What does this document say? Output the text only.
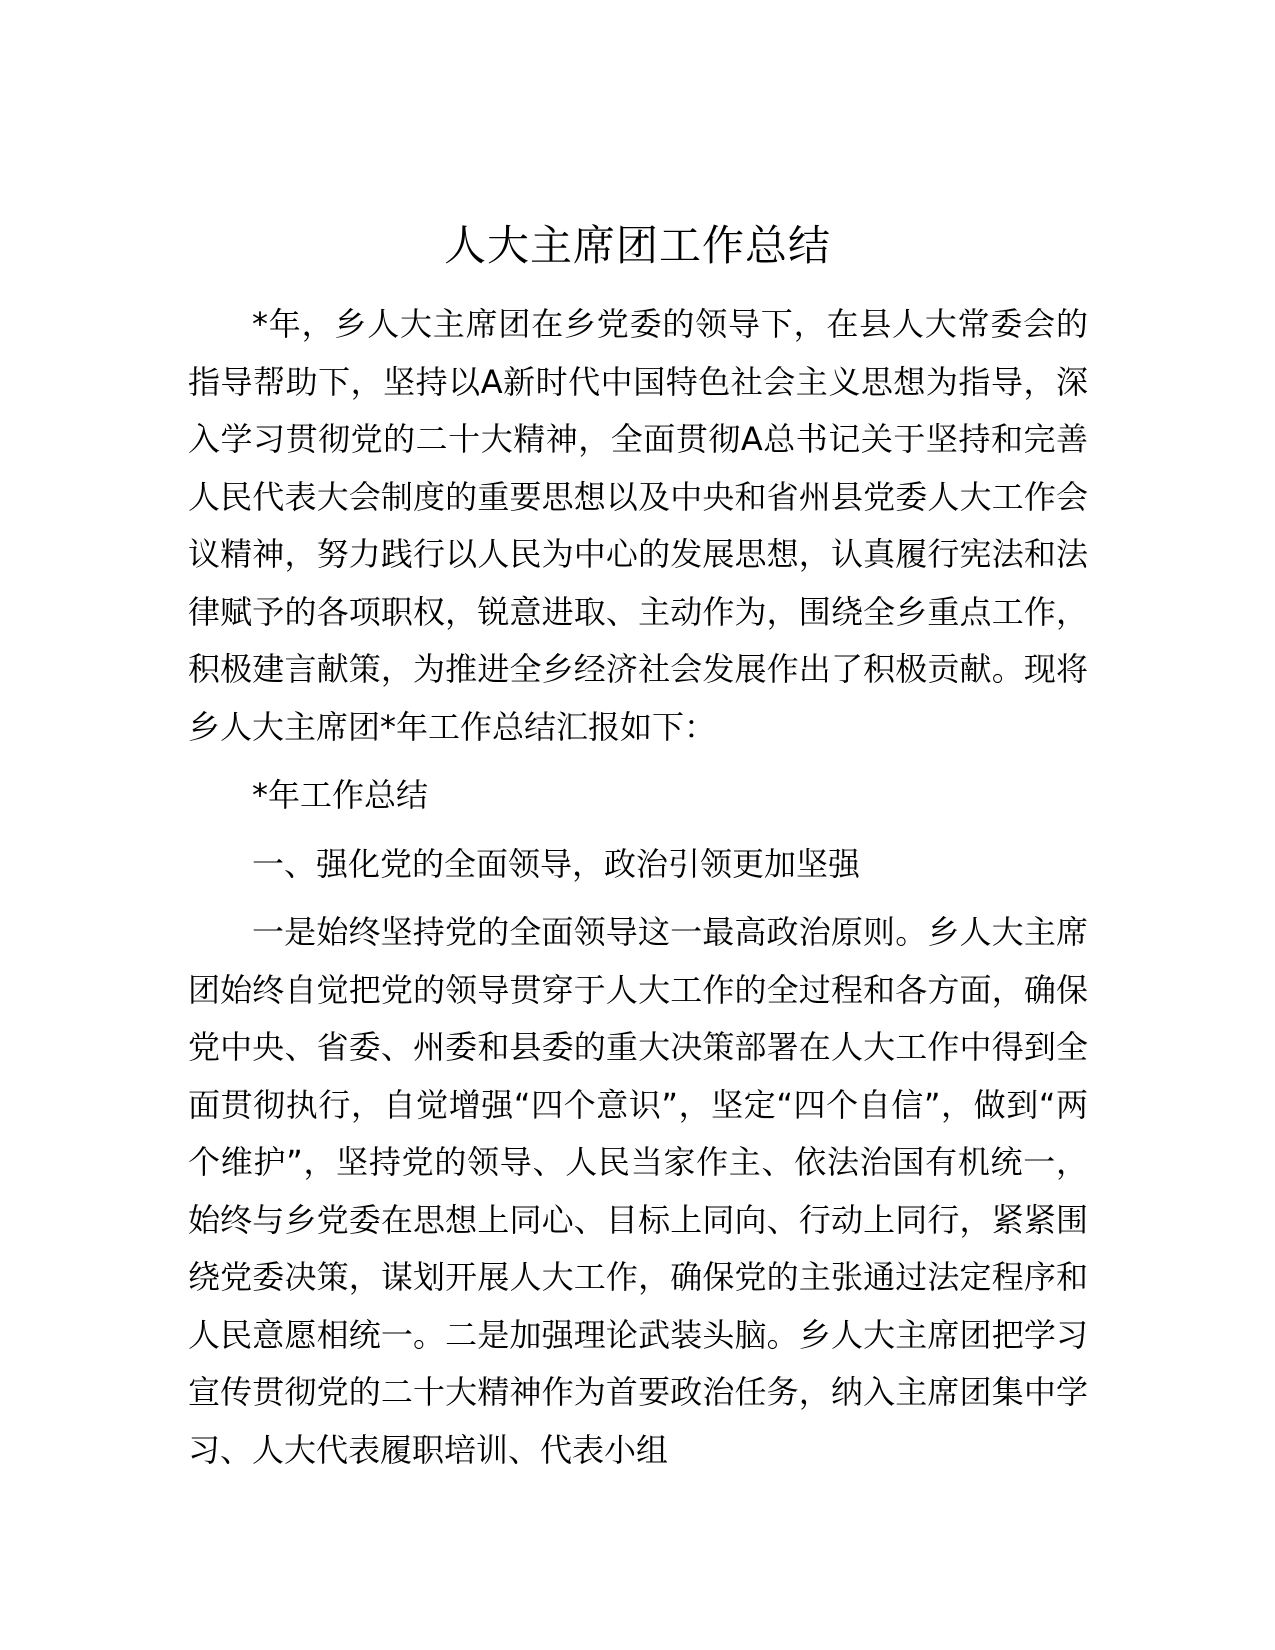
人大主席团工作总结

*年，乡人大主席团在乡党委的领导下，在县人大常委会的指导帮助下，坚持以A新时代中国特色社会主义思想为指导，深入学习贯彻党的二十大精神，全面贯彻A总书记关于坚持和完善人民代表大会制度的重要思想以及中央和省州县党委人大工作会议精神，努力践行以人民为中心的发展思想，认真履行宪法和法律赋予的各项职权，锐意进取、主动作为，围绕全乡重点工作，积极建言献策，为推进全乡经济社会发展作出了积极贡献。现将乡人大主席团*年工作总结汇报如下：

*年工作总结

一、强化党的全面领导，政治引领更加坚强

一是始终坚持党的全面领导这一最高政治原则。乡人大主席团始终自觉把党的领导贯穿于人大工作的全过程和各方面，确保党中央、省委、州委和县委的重大决策部署在人大工作中得到全面贯彻执行，自觉增强“四个意识”，坚定“四个自信”，做到“两个维护”，坚持党的领导、人民当家作主、依法治国有机统一，始终与乡党委在思想上同心、目标上同向、行动上同行，紧紧围绕党委决策，谋划开展人大工作，确保党的主张通过法定程序和人民意愿相统一。二是加强理论武装头脑。乡人大主席团把学习宣传贯彻党的二十大精神作为首要政治任务，纳入主席团集中学习、人大代表履职培训、代表小组
